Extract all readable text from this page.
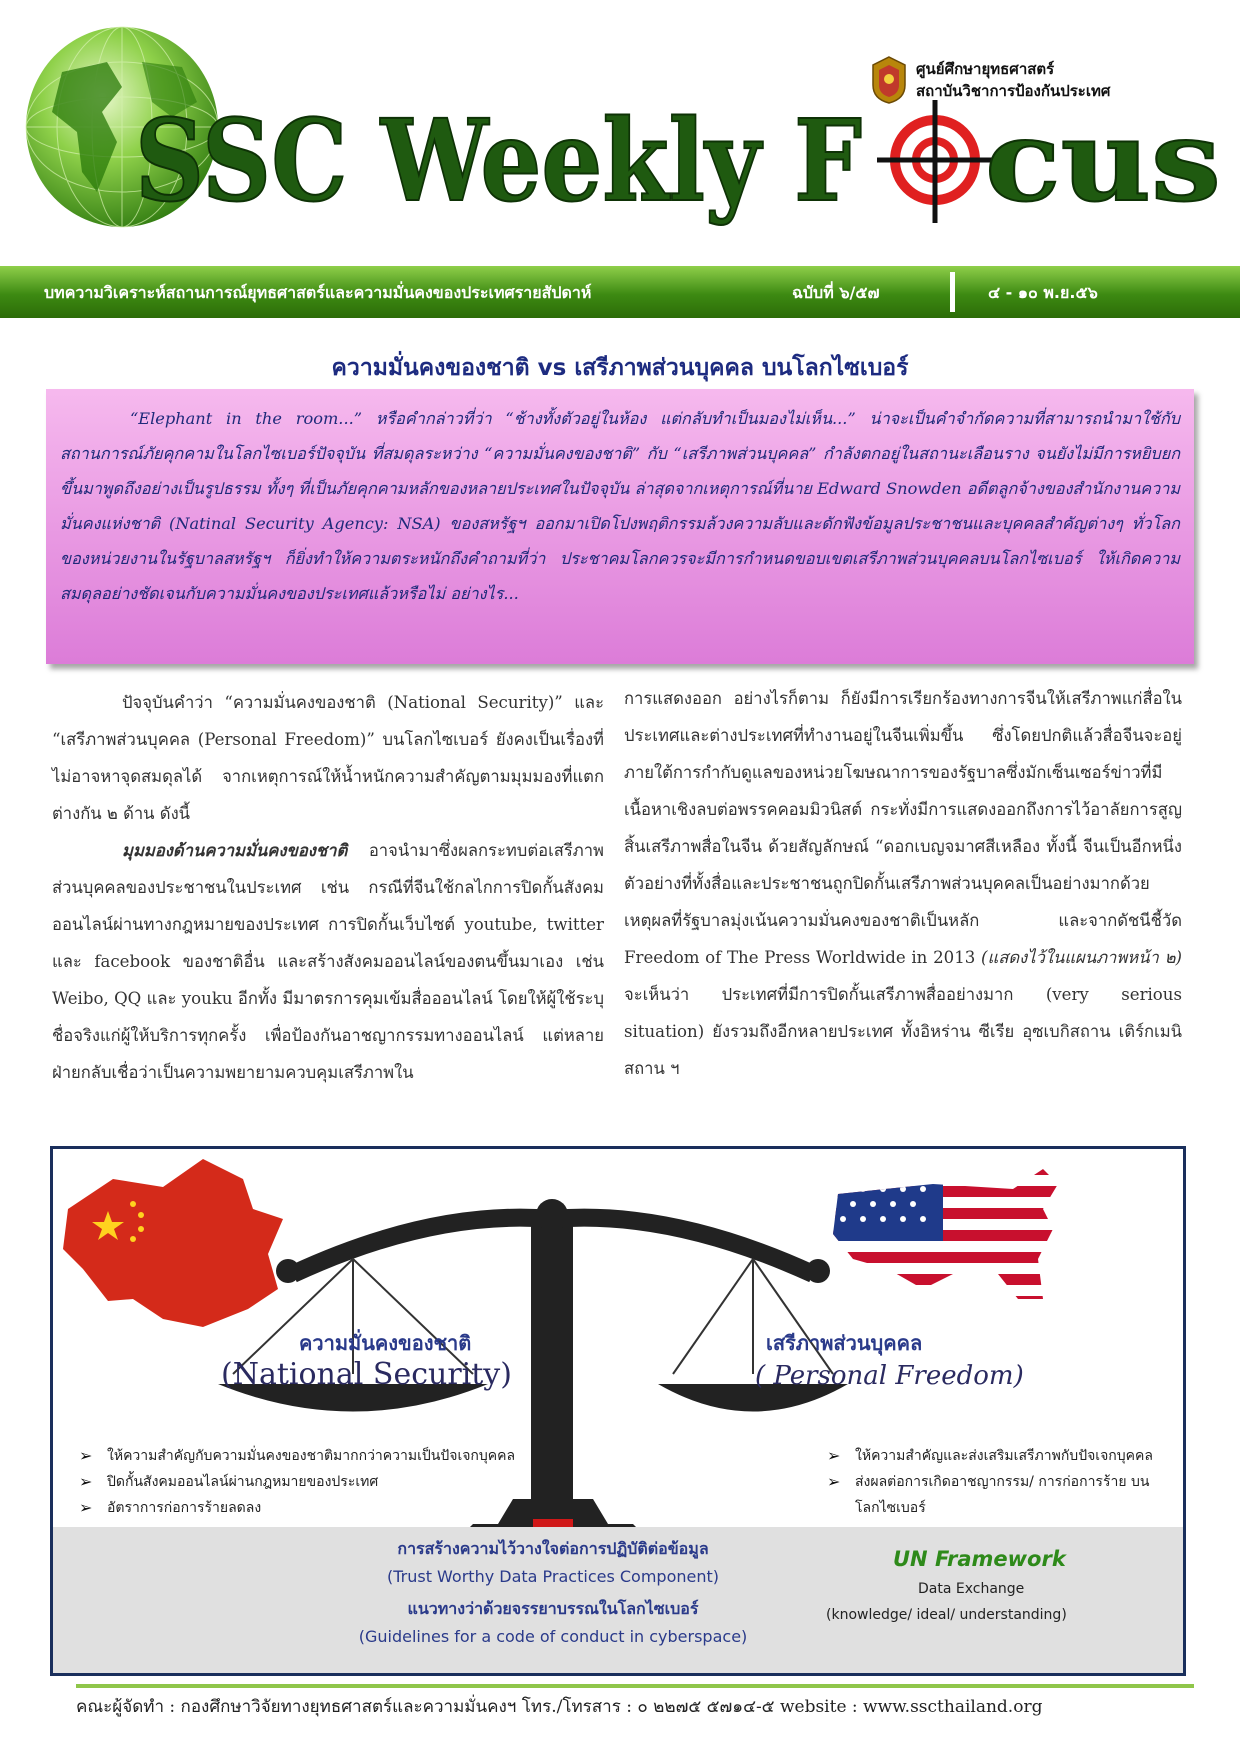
SSC Weekly F cus
ศูนย์ศึกษายุทธศาสตร์
สถาบันวิชาการป้องกันประเทศ
บทความวิเคราะห์สถานการณ์ยุทธศาสตร์และความมั่นคงของประเทศรายสัปดาห์	ฉบับที่ ๖/๕๗	๔ - ๑๐ พ.ย.๕๖
ความมั่นคงของชาติ vs เสรีภาพส่วนบุคคล บนโลกไซเบอร์

“Elephant in the room...” หรือคำกล่าวที่ว่า “ช้างทั้งตัวอยู่ในห้อง แต่กลับทำเป็นมองไม่เห็น...” น่าจะเป็นคำจำกัดความที่สามารถนำมาใช้กับสถานการณ์ภัยคุกคามในโลกไซเบอร์ปัจจุบัน ที่สมดุลระหว่าง “ความมั่นคงของชาติ” กับ “เสรีภาพส่วนบุคคล” กำลังตกอยู่ในสถานะเลือนราง จนยังไม่มีการหยิบยกขึ้นมาพูดถึงอย่างเป็นรูปธรรม ทั้งๆ ที่เป็นภัยคุกคามหลักของหลายประเทศในปัจจุบัน ล่าสุดจากเหตุการณ์ที่นาย Edward Snowden อดีตลูกจ้างของสำนักงานความมั่นคงแห่งชาติ (Natinal Security Agency: NSA) ของสหรัฐฯ ออกมาเปิดโปงพฤติกรรมล้วงความลับและดักฟังข้อมูลประชาชนและบุคคลสำคัญต่างๆ ทั่วโลกของหน่วยงานในรัฐบาลสหรัฐฯ ก็ยิ่งทำให้ความตระหนักถึงคำถามที่ว่า ประชาคมโลกควรจะมีการกำหนดขอบเขตเสรีภาพส่วนบุคคลบนโลกไซเบอร์ ให้เกิดความสมดุลอย่างชัดเจนกับความมั่นคงของประเทศแล้วหรือไม่ อย่างไร...

ปัจจุบันคำว่า “ความมั่นคงของชาติ (National Security)” และ “เสรีภาพส่วนบุคคล (Personal Freedom)” บนโลกไซเบอร์ ยังคงเป็นเรื่องที่ไม่อาจหาจุดสมดุลได้ จากเหตุการณ์ให้น้ำหนักความสำคัญตามมุมมองที่แตกต่างกัน ๒ ด้าน ดังนี้

มุมมองด้านความมั่นคงของชาติ อาจนำมาซึ่งผลกระทบต่อเสรีภาพส่วนบุคคลของประชาชนในประเทศ เช่น กรณีที่จีนใช้กลไกการปิดกั้นสังคมออนไลน์ผ่านทางกฎหมายของประเทศ การปิดกั้นเว็บไซต์ youtube, twitter และ facebook ของชาติอื่น และสร้างสังคมออนไลน์ของตนขึ้นมาเอง เช่น Weibo, QQ และ youku อีกทั้ง มีมาตรการคุมเข้มสื่อออนไลน์ โดยให้ผู้ใช้ระบุชื่อจริงแก่ผู้ให้บริการทุกครั้ง เพื่อป้องกันอาชญากรรมทางออนไลน์ แต่หลายฝ่ายกลับเชื่อว่าเป็นความพยายามควบคุมเสรีภาพใน

การแสดงออก อย่างไรก็ตาม ก็ยังมีการเรียกร้องทางการจีนให้เสรีภาพแก่สื่อในประเทศและต่างประเทศที่ทำงานอยู่ในจีนเพิ่มขึ้น ซึ่งโดยปกติแล้วสื่อจีนจะอยู่ภายใต้การกำกับดูแลของหน่วยโฆษณาการของรัฐบาลซึ่งมักเซ็นเซอร์ข่าวที่มีเนื้อหาเชิงลบต่อพรรคคอมมิวนิสต์ กระทั่งมีการแสดงออกถึงการไว้อาลัยการสูญสิ้นเสรีภาพสื่อในจีน ด้วยสัญลักษณ์ “ดอกเบญจมาศสีเหลือง ทั้งนี้ จีนเป็นอีกหนึ่งตัวอย่างที่ทั้งสื่อและประชาชนถูกปิดกั้นเสรีภาพส่วนบุคคลเป็นอย่างมากด้วยเหตุผลที่รัฐบาลมุ่งเน้นความมั่นคงของชาติเป็นหลัก และจากดัชนีชี้วัด Freedom of The Press Worldwide in 2013 (แสดงไว้ในแผนภาพหน้า ๒) จะเห็นว่า ประเทศที่มีการปิดกั้นเสรีภาพสื่ออย่างมาก (very serious situation) ยังรวมถึงอีกหลายประเทศ ทั้งอิหร่าน ซีเรีย อุซเบกิสถาน เติร์กเมนิสถาน ฯ

ความมั่นคงของชาติ
(National Security)
เสรีภาพส่วนบุคคล
( Personal Freedom)
➢ ให้ความสำคัญกับความมั่นคงของชาติมากกว่าความเป็นปัจเจกบุคคล
➢ ปิดกั้นสังคมออนไลน์ผ่านกฎหมายของประเทศ
➢ อัตราการก่อการร้ายลดลง
➢ ให้ความสำคัญและส่งเสริมเสรีภาพกับปัจเจกบุคคล
➢ ส่งผลต่อการเกิดอาชญากรรม/ การก่อการร้าย บนโลกไซเบอร์
การสร้างความไว้วางใจต่อการปฏิบัติต่อข้อมูล
(Trust Worthy Data Practices Component)
แนวทางว่าด้วยจรรยาบรรณในโลกไซเบอร์
(Guidelines for a code of conduct in cyberspace)
UN Framework
Data Exchange
(knowledge/ ideal/ understanding)
คณะผู้จัดทำ : กองศึกษาวิจัยทางยุทธศาสตร์และความมั่นคงฯ โทร./โทรสาร : ๐ ๒๒๗๕ ๕๗๑๔-๕ website : www.sscthailand.org
